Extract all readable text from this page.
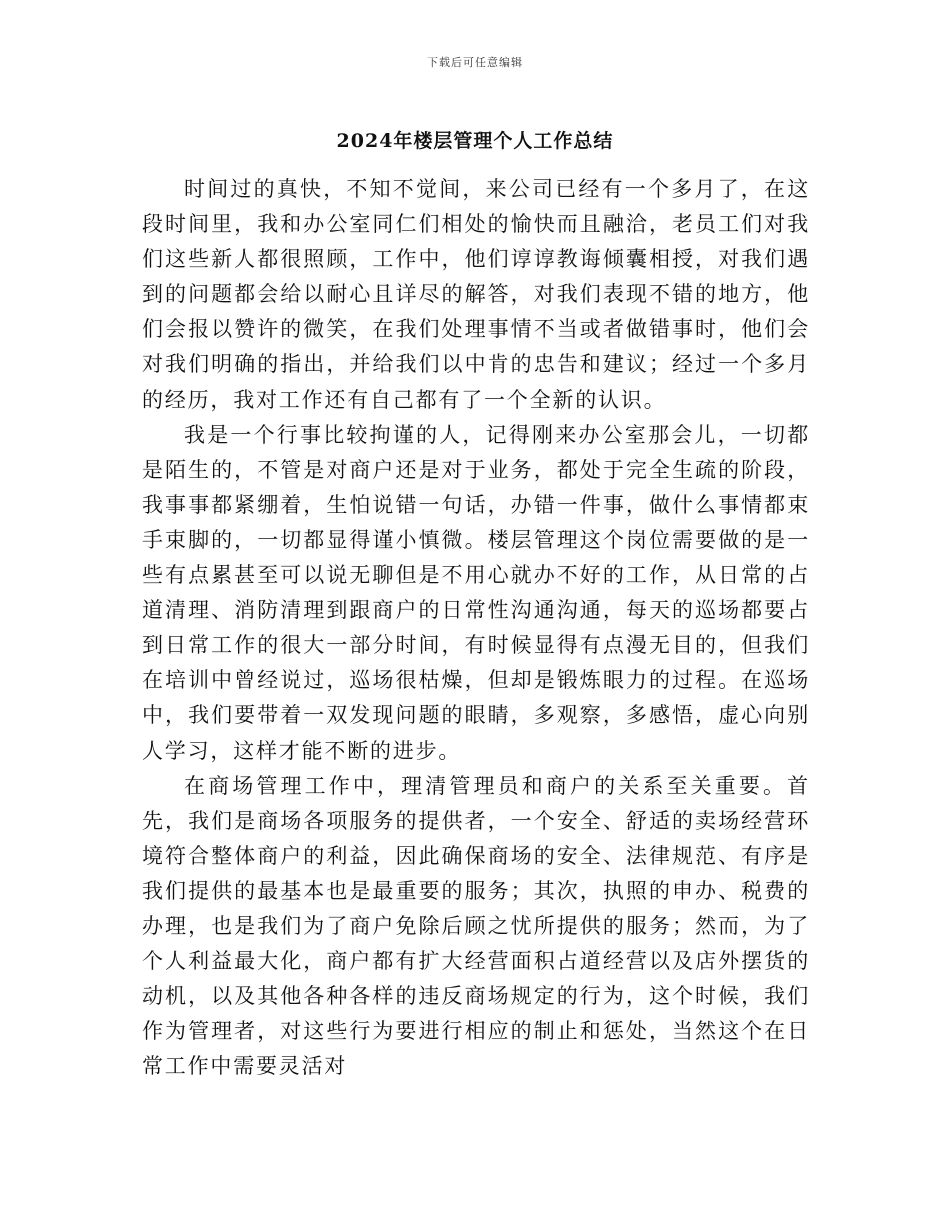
下载后可任意编辑
2024年楼层管理个人工作总结

时间过的真快，不知不觉间，来公司已经有一个多月了，在这段时间里，我和办公室同仁们相处的愉快而且融洽，老员工们对我们这些新人都很照顾，工作中，他们谆谆教诲倾囊相授，对我们遇到的问题都会给以耐心且详尽的解答，对我们表现不错的地方，他们会报以赞许的微笑，在我们处理事情不当或者做错事时，他们会对我们明确的指出，并给我们以中肯的忠告和建议；经过一个多月的经历，我对工作还有自己都有了一个全新的认识。

我是一个行事比较拘谨的人，记得刚来办公室那会儿，一切都是陌生的，不管是对商户还是对于业务，都处于完全生疏的阶段，我事事都紧绷着，生怕说错一句话，办错一件事，做什么事情都束手束脚的，一切都显得谨小慎微。楼层管理这个岗位需要做的是一些有点累甚至可以说无聊但是不用心就办不好的工作，从日常的占道清理、消防清理到跟商户的日常性沟通沟通，每天的巡场都要占到日常工作的很大一部分时间，有时候显得有点漫无目的，但我们在培训中曾经说过，巡场很枯燥，但却是锻炼眼力的过程。在巡场中，我们要带着一双发现问题的眼睛，多观察，多感悟，虚心向别人学习，这样才能不断的进步。

在商场管理工作中，理清管理员和商户的关系至关重要。首先，我们是商场各项服务的提供者，一个安全、舒适的卖场经营环境符合整体商户的利益，因此确保商场的安全、法律规范、有序是我们提供的最基本也是最重要的服务；其次，执照的申办、税费的办理，也是我们为了商户免除后顾之忧所提供的服务；然而，为了个人利益最大化，商户都有扩大经营面积占道经营以及店外摆货的动机，以及其他各种各样的违反商场规定的行为，这个时候，我们作为管理者，对这些行为要进行相应的制止和惩处，当然这个在日常工作中需要灵活对
